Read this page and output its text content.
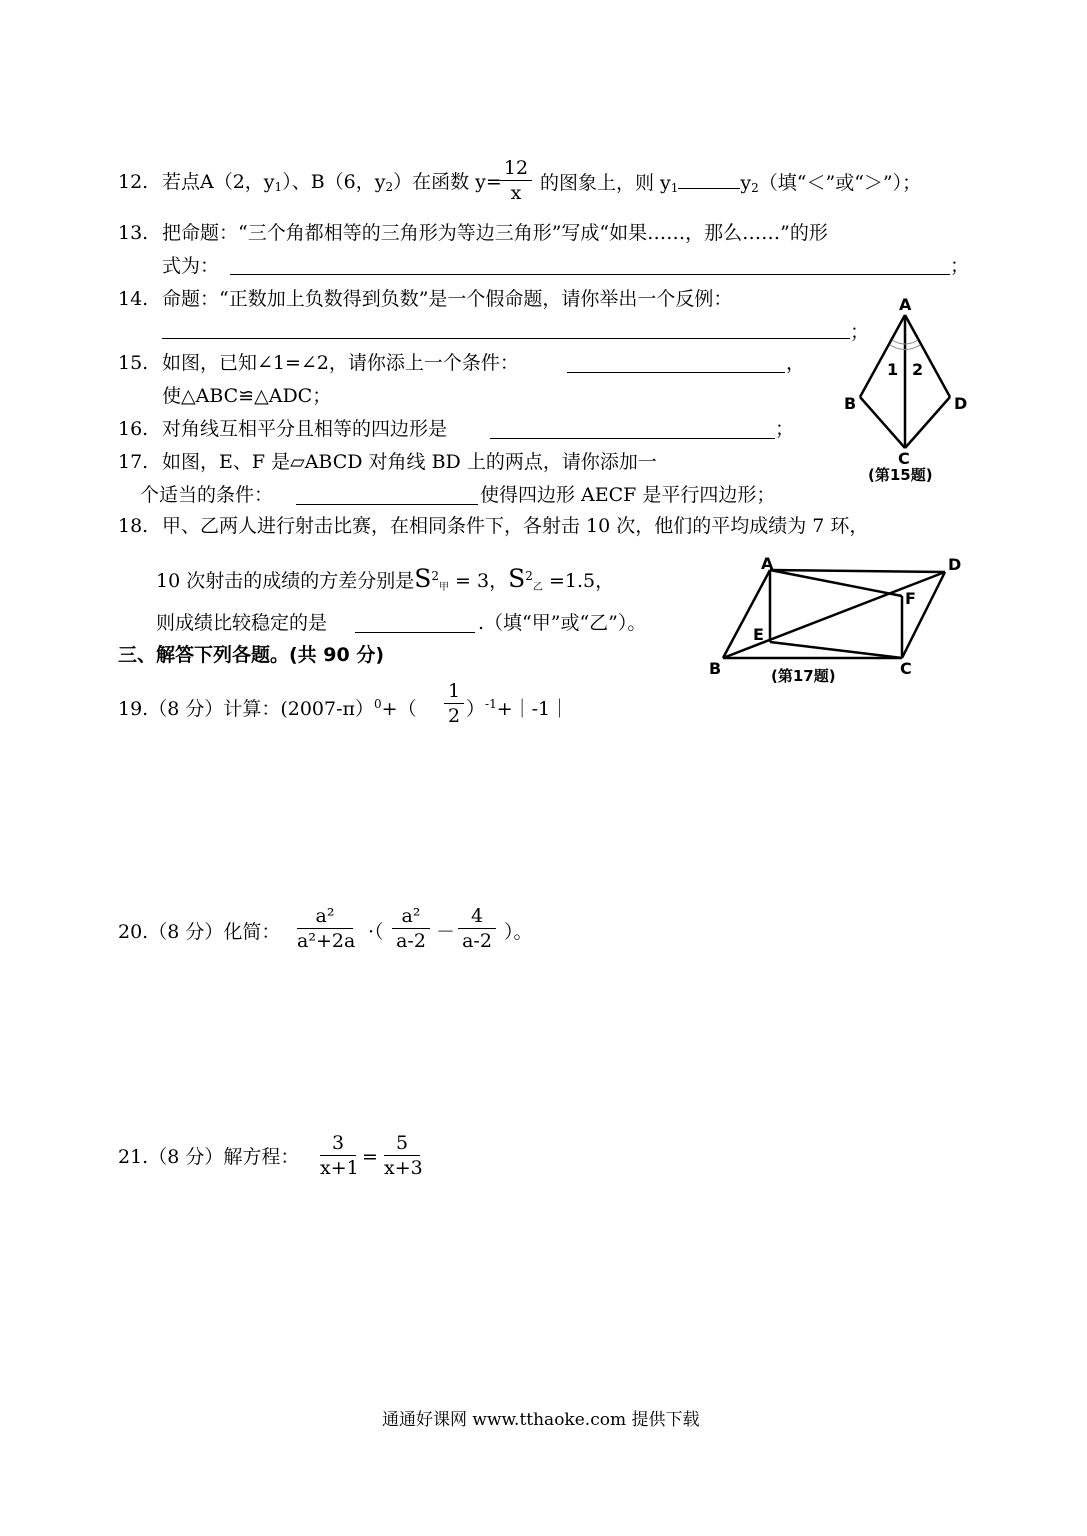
12. 若点A（2，$y_1$）、B（6，$y_2$）在函数 y=
12
x 的图象上，则 $y_1$	$y_2$（填“＜”或“＞”）；
13. 把命题：“三个角都相等的三角形为等边三角形”写成“如果……，那么……”的形
式为：	；
14. 命题：“正数加上负数得到负数”是一个假命题，请你举出一个反例：
；
15. 如图，已知∠1=∠2，请你添上一个条件：	，
使△ABC≌△ADC；
16. 对角线互相平分且相等的四边形是	；
17. 如图，E、F 是▱ABCD 对角线 BD 上的两点，请你添加一
个适当的条件：	使得四边形 AECF 是平行四边形；
18. 甲、乙两人进行射击比赛，在相同条件下，各射击 10 次，他们的平均成绩为 7 环，
10 次射击的成绩的方差分别是$S^2_甲 = 3$，$S^2_乙 =1.5$，
则成绩比较稳定的是	.（填“甲”或“乙”）。
三、解答下列各题。(共 90 分)
19.（8 分）计算：(2007-π）$^0$+（
1
2 ）$^{-1}$+｜-1｜
20.（8 分）化简：
a²
a²+2a ·（
a²
a-2 －
4
a-2 ）。
21.（8 分）解方程：
3
x+1 =
5
x+3
A
B
C
D
1 2
(第15题)
A
B	C
D
E
F
(第17题)
通通好课网 www.tthaoke.com 提供下载
